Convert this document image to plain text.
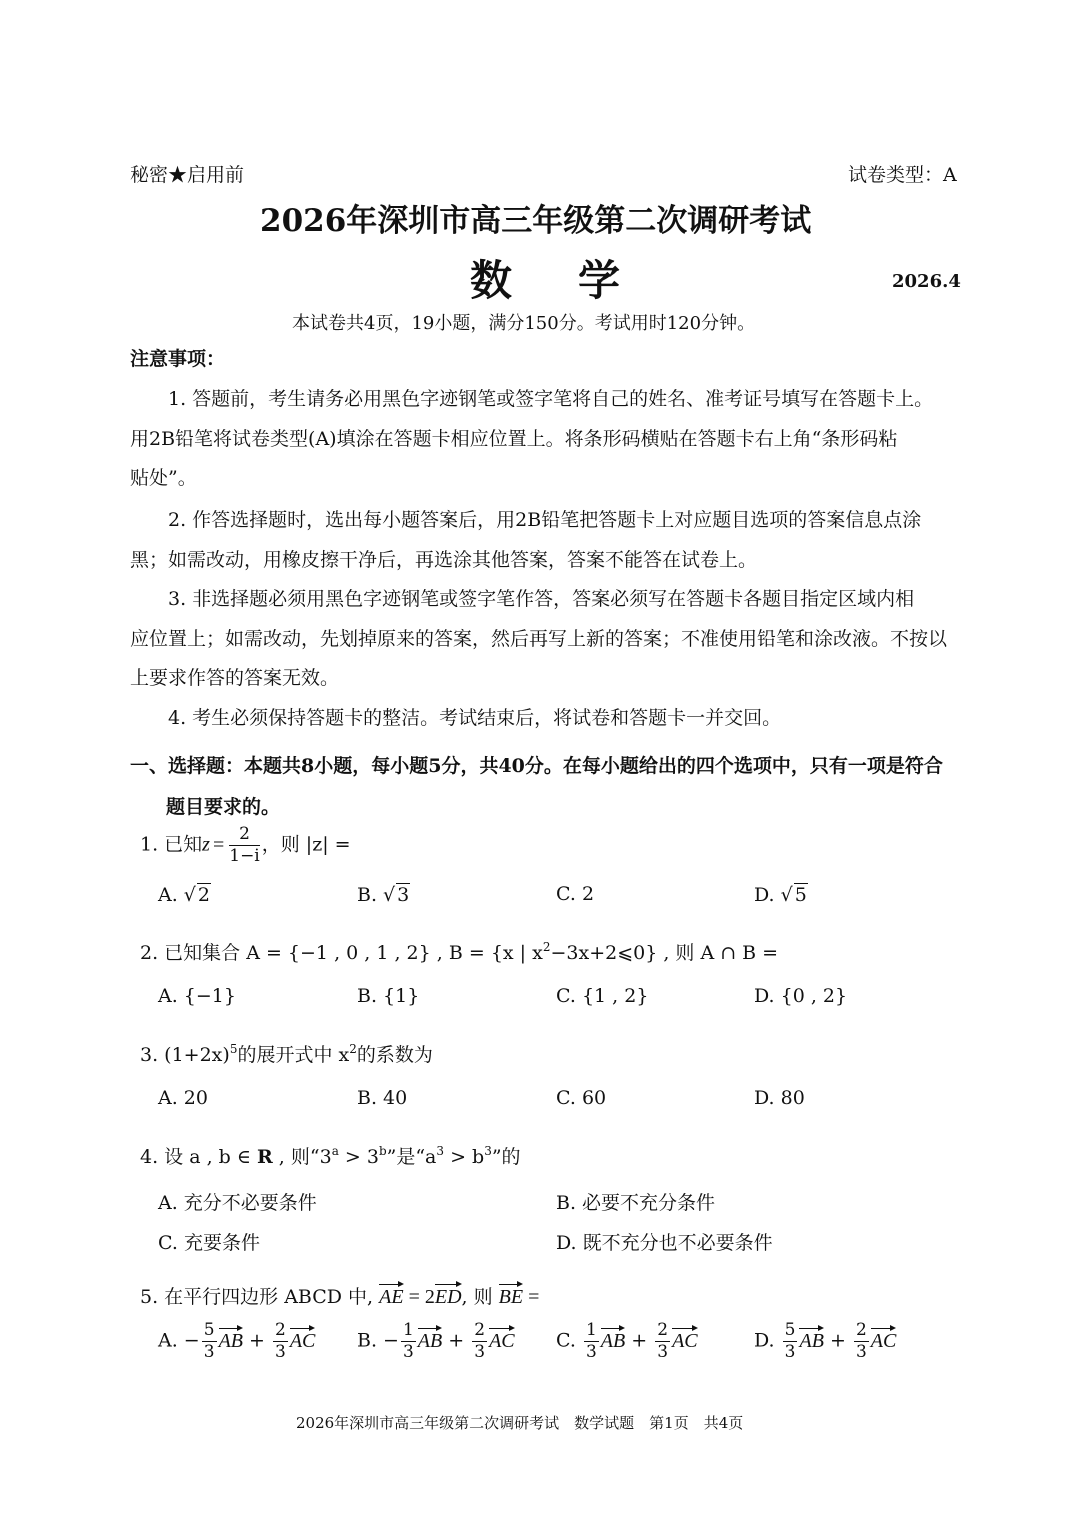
秘密★启用前	试卷类型：A
2026年深圳市高三年级第二次调研考试
数　学	2026.4
本试卷共4页，19小题，满分150分。考试用时120分钟。
注意事项：
1. 答题前，考生请务必用黑色字迹钢笔或签字笔将自己的姓名、准考证号填写在答题卡上。
用2B铅笔将试卷类型(A)填涂在答题卡相应位置上。将条形码横贴在答题卡右上角“条形码粘
贴处”。
2. 作答选择题时，选出每小题答案后，用2B铅笔把答题卡上对应题目选项的答案信息点涂
黑；如需改动，用橡皮擦干净后，再选涂其他答案，答案不能答在试卷上。
3. 非选择题必须用黑色字迹钢笔或签字笔作答，答案必须写在答题卡各题目指定区域内相
应位置上；如需改动，先划掉原来的答案，然后再写上新的答案；不准使用铅笔和涂改液。不按以
上要求作答的答案无效。
4. 考生必须保持答题卡的整洁。考试结束后，将试卷和答题卡一并交回。
一、选择题：本题共8小题，每小题5分，共40分。在每小题给出的四个选项中，只有一项是符合
题目要求的。
1. 已知$z = \frac{2}{1-i}$ ，则 |z| =
A. √ 2	B. √ 3	C. 2	D. √ 5
2. 已知集合 A = {−1 , 0 , 1 , 2} , B = {x | $x^2-3x+2⩽0$} , 则 A ∩ B =
A. {−1}	B. {1}	C. {1 , 2}	D. {0 , 2}
3. $(1+2x)^5$的展开式中 $x^2$的系数为
A. 20	B. 40	C. 60	D. 80
4. 设 a , b ∈ R , 则“$3^a > 3^b$”是“$a^3 > b^3$”的
A. 充分不必要条件	B. 必要不充分条件
C. 充要条件	D. 既不充分也不必要条件
5. 在平行四边形 ABCD 中, AE = 2ED, 则 BE =
A. − $\frac{5}{3}$ AB + $\frac{2}{3}$ AC B. − $\frac{1}{3}$ AB + $\frac{2}{3}$ AC C. $\frac{1}{3}$ AB + $\frac{2}{3}$ AC	D. $\frac{5}{3}$ AB + $\frac{2}{3}$ AC
2026年深圳市高三年级第二次调研考试　数学试题　第1页　共4页
